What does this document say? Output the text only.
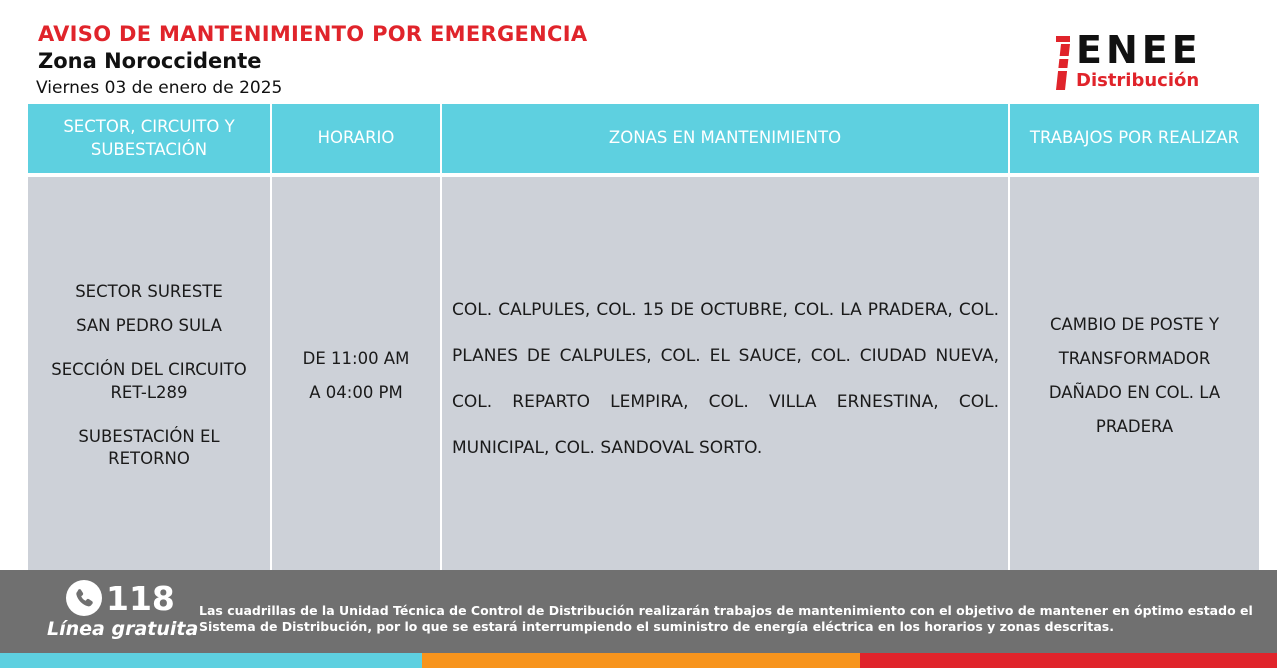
AVISO DE MANTENIMIENTO POR EMERGENCIA
Zona Noroccidente
Viernes 03 de enero de 2025
ENEE
Distribución
SECTOR, CIRCUITO Y SUBESTACIÓN
HORARIO	ZONAS EN MANTENIMIENTO	TRABAJOS POR REALIZAR
SECTOR SURESTE
SAN PEDRO SULA
SECCIÓN DEL CIRCUITO RET-L289
SUBESTACIÓN EL RETORNO
DE 11:00 AM
A 04:00 PM
COL. CALPULES, COL. 15 DE OCTUBRE, COL. LA PRADERA, COL. PLANES DE CALPULES, COL. EL SAUCE, COL. CIUDAD NUEVA, COL. REPARTO LEMPIRA, COL. VILLA ERNESTINA, COL. MUNICIPAL, COL. SANDOVAL SORTO.
CAMBIO DE POSTE Y TRANSFORMADOR DAÑADO EN COL. LA PRADERA
118
Línea gratuita
Las cuadrillas de la Unidad Técnica de Control de Distribución realizarán trabajos de mantenimiento con el objetivo de mantener en óptimo estado el Sistema de Distribución, por lo que se estará interrumpiendo el suministro de energía eléctrica en los horarios y zonas descritas.
